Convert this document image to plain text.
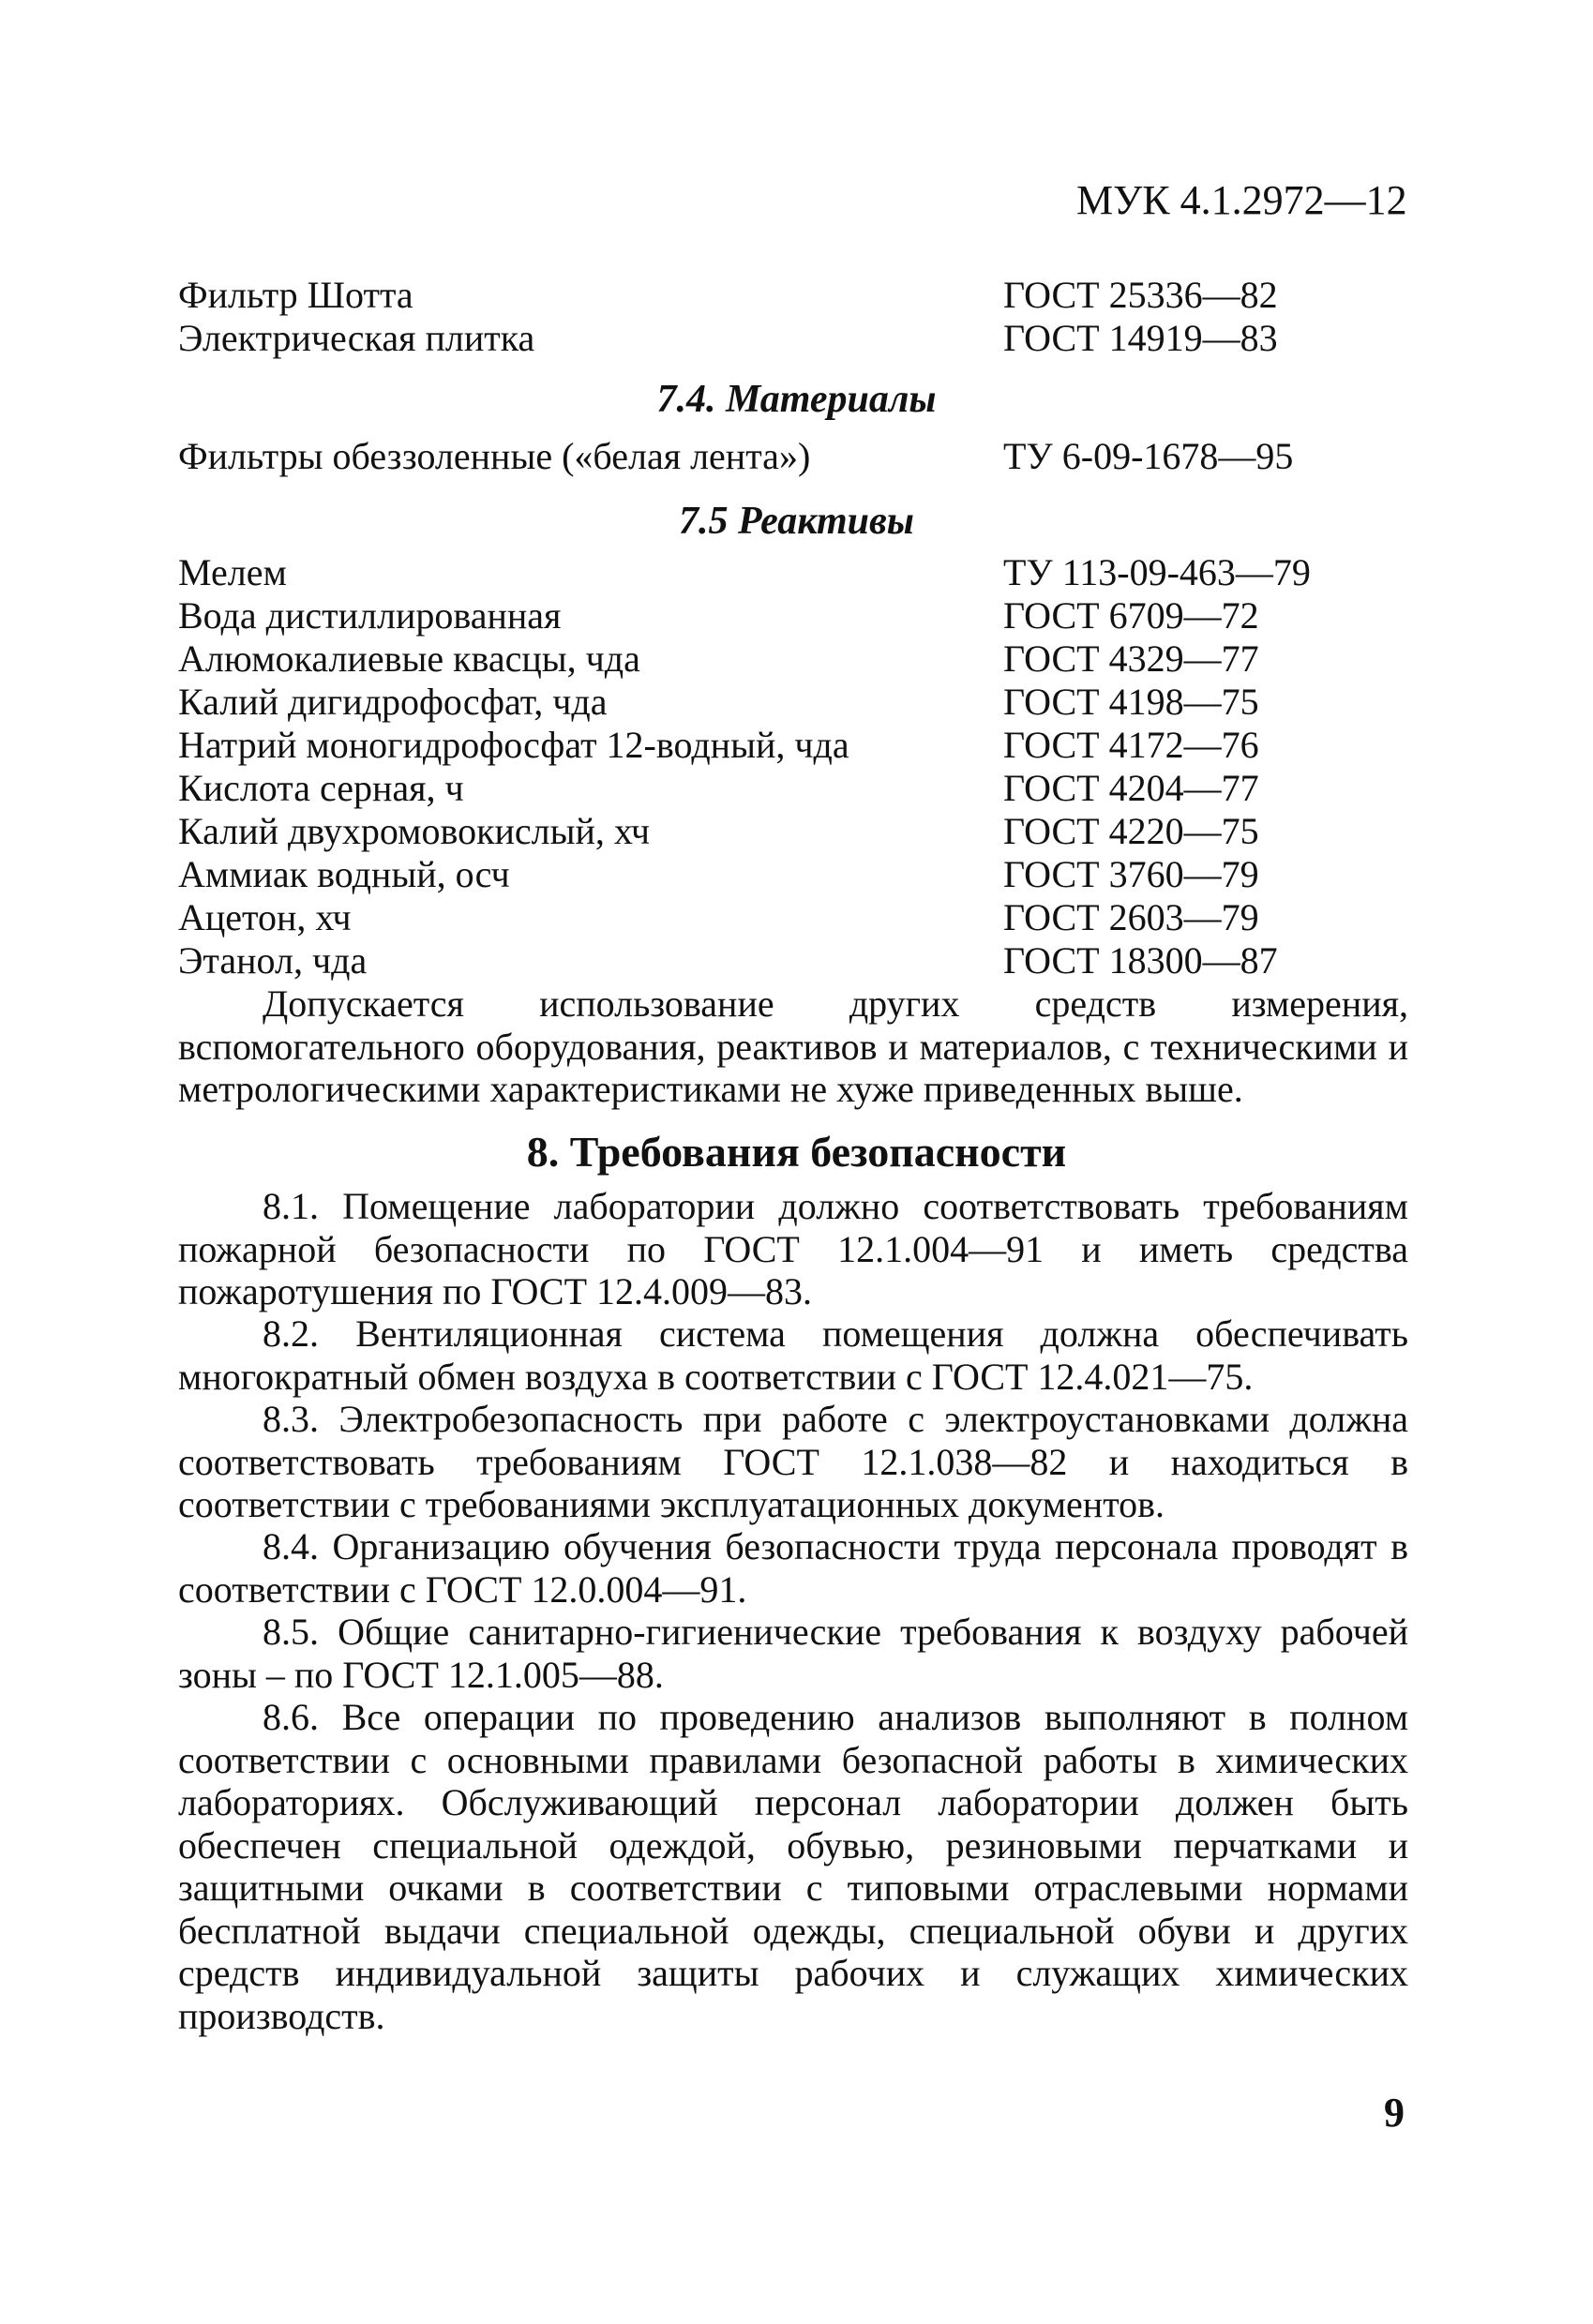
МУК 4.1.2972—12
Фильтр Шотта	ГОСТ 25336—82
Электрическая плитка	ГОСТ 14919—83
7.4. Материалы
Фильтры обеззоленные («белая лента»)	ТУ 6-09-1678—95
7.5 Реактивы
Мелем	ТУ 113-09-463—79
Вода дистиллированная	ГОСТ 6709—72
Алюмокалиевые квасцы, чда	ГОСТ 4329—77
Калий дигидрофосфат, чда	ГОСТ 4198—75
Натрий моногидрофосфат 12-водный, чда	ГОСТ 4172—76
Кислота серная, ч	ГОСТ 4204—77
Калий двухромовокислый, хч	ГОСТ 4220—75
Аммиак водный, осч	ГОСТ 3760—79
Ацетон, хч	ГОСТ 2603—79
Этанол, чда	ГОСТ 18300—87

Допускается использование других средств измерения, вспомогательного оборудования, реактивов и материалов, с техническими и метрологическими характеристиками не хуже приведенных выше.

8. Требования безопасности

8.1. Помещение лаборатории должно соответствовать требованиям пожарной безопасности по ГОСТ 12.1.004—91 и иметь средства пожаротушения по ГОСТ 12.4.009—83.

8.2. Вентиляционная система помещения должна обеспечивать многократный обмен воздуха в соответствии с ГОСТ 12.4.021—75.

8.3. Электробезопасность при работе с электроустановками должна соответствовать требованиям ГОСТ 12.1.038—82 и находиться в соответствии с требованиями эксплуатационных документов.

8.4. Организацию обучения безопасности труда персонала проводят в соответствии с ГОСТ 12.0.004—91.

8.5. Общие санитарно-гигиенические требования к воздуху рабочей зоны – по ГОСТ 12.1.005—88.

8.6. Все операции по проведению анализов выполняют в полном соответствии с основными правилами безопасной работы в химических лабораториях. Обслуживающий персонал лаборатории должен быть обеспечен специальной одеждой, обувью, резиновыми перчатками и защитными очками в соответствии с типовыми отраслевыми нормами бесплатной выдачи специальной одежды, специальной обуви и других средств индивидуальной защиты рабочих и служащих химических производств.

9
